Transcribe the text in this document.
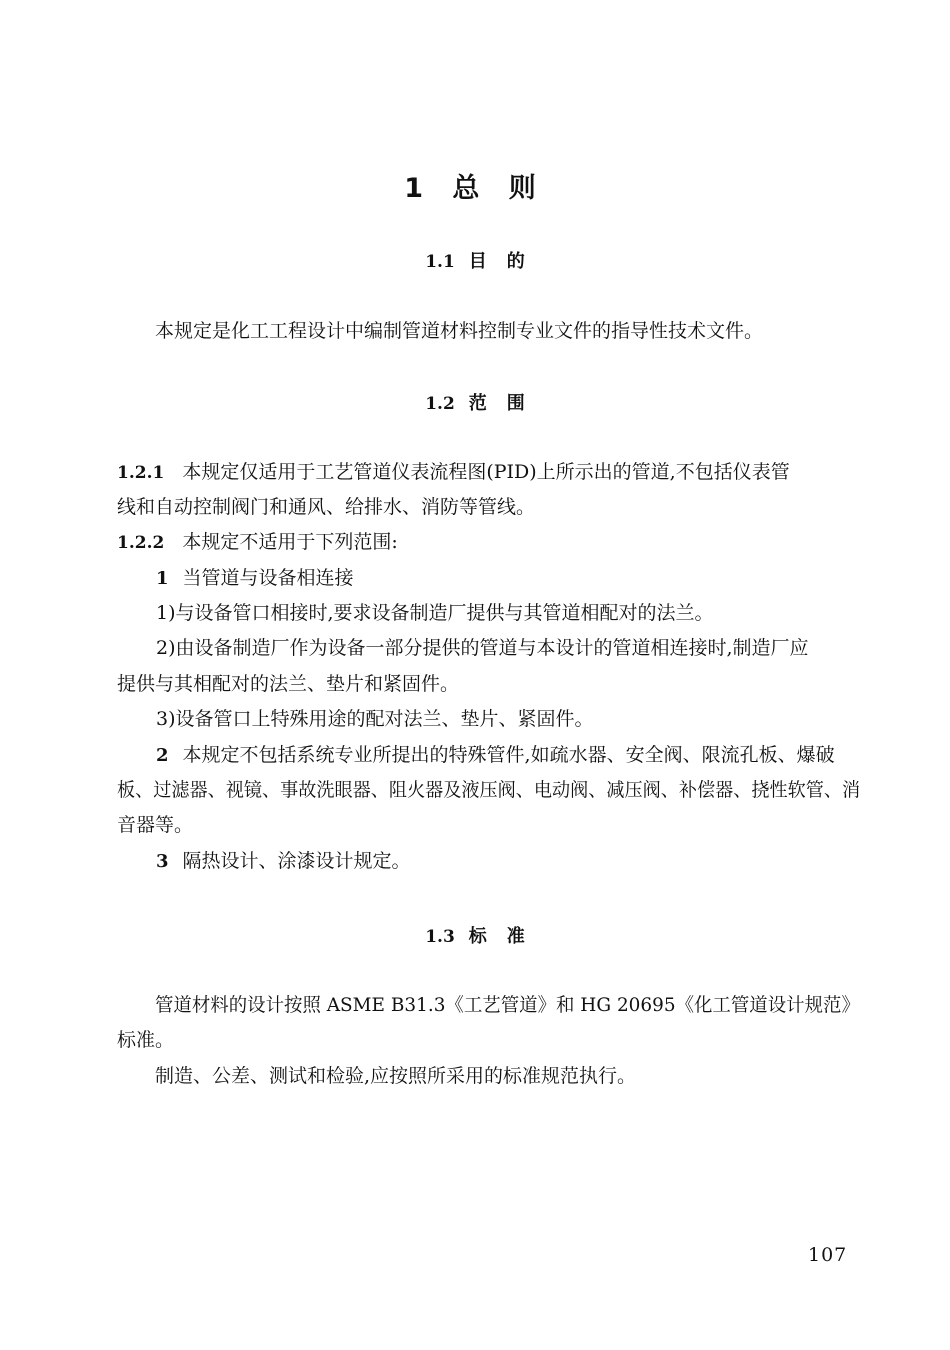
1 总 则
1.1 目的
本规定是化工工程设计中编制管道材料控制专业文件的指导性技术文件。
1.2 范围
1.2.1 本规定仅适用于工艺管道仪表流程图(PID)上所示出的管道,不包括仪表管
线和自动控制阀门和通风、给排水、消防等管线。
1.2.2 本规定不适用于下列范围:
1 当管道与设备相连接
1)与设备管口相接时,要求设备制造厂提供与其管道相配对的法兰。
2)由设备制造厂作为设备一部分提供的管道与本设计的管道相连接时,制造厂应
提供与其相配对的法兰、垫片和紧固件。
3)设备管口上特殊用途的配对法兰、垫片、紧固件。
2 本规定不包括系统专业所提出的特殊管件,如疏水器、安全阀、限流孔板、爆破
板、过滤器、视镜、事故洗眼器、阻火器及液压阀、电动阀、减压阀、补偿器、挠性软管、消
音器等。
3 隔热设计、涂漆设计规定。
1.3 标准
管道材料的设计按照 ASME B31.3《工艺管道》和 HG 20695《化工管道设计规范》
标准。
制造、公差、测试和检验,应按照所采用的标准规范执行。
107
